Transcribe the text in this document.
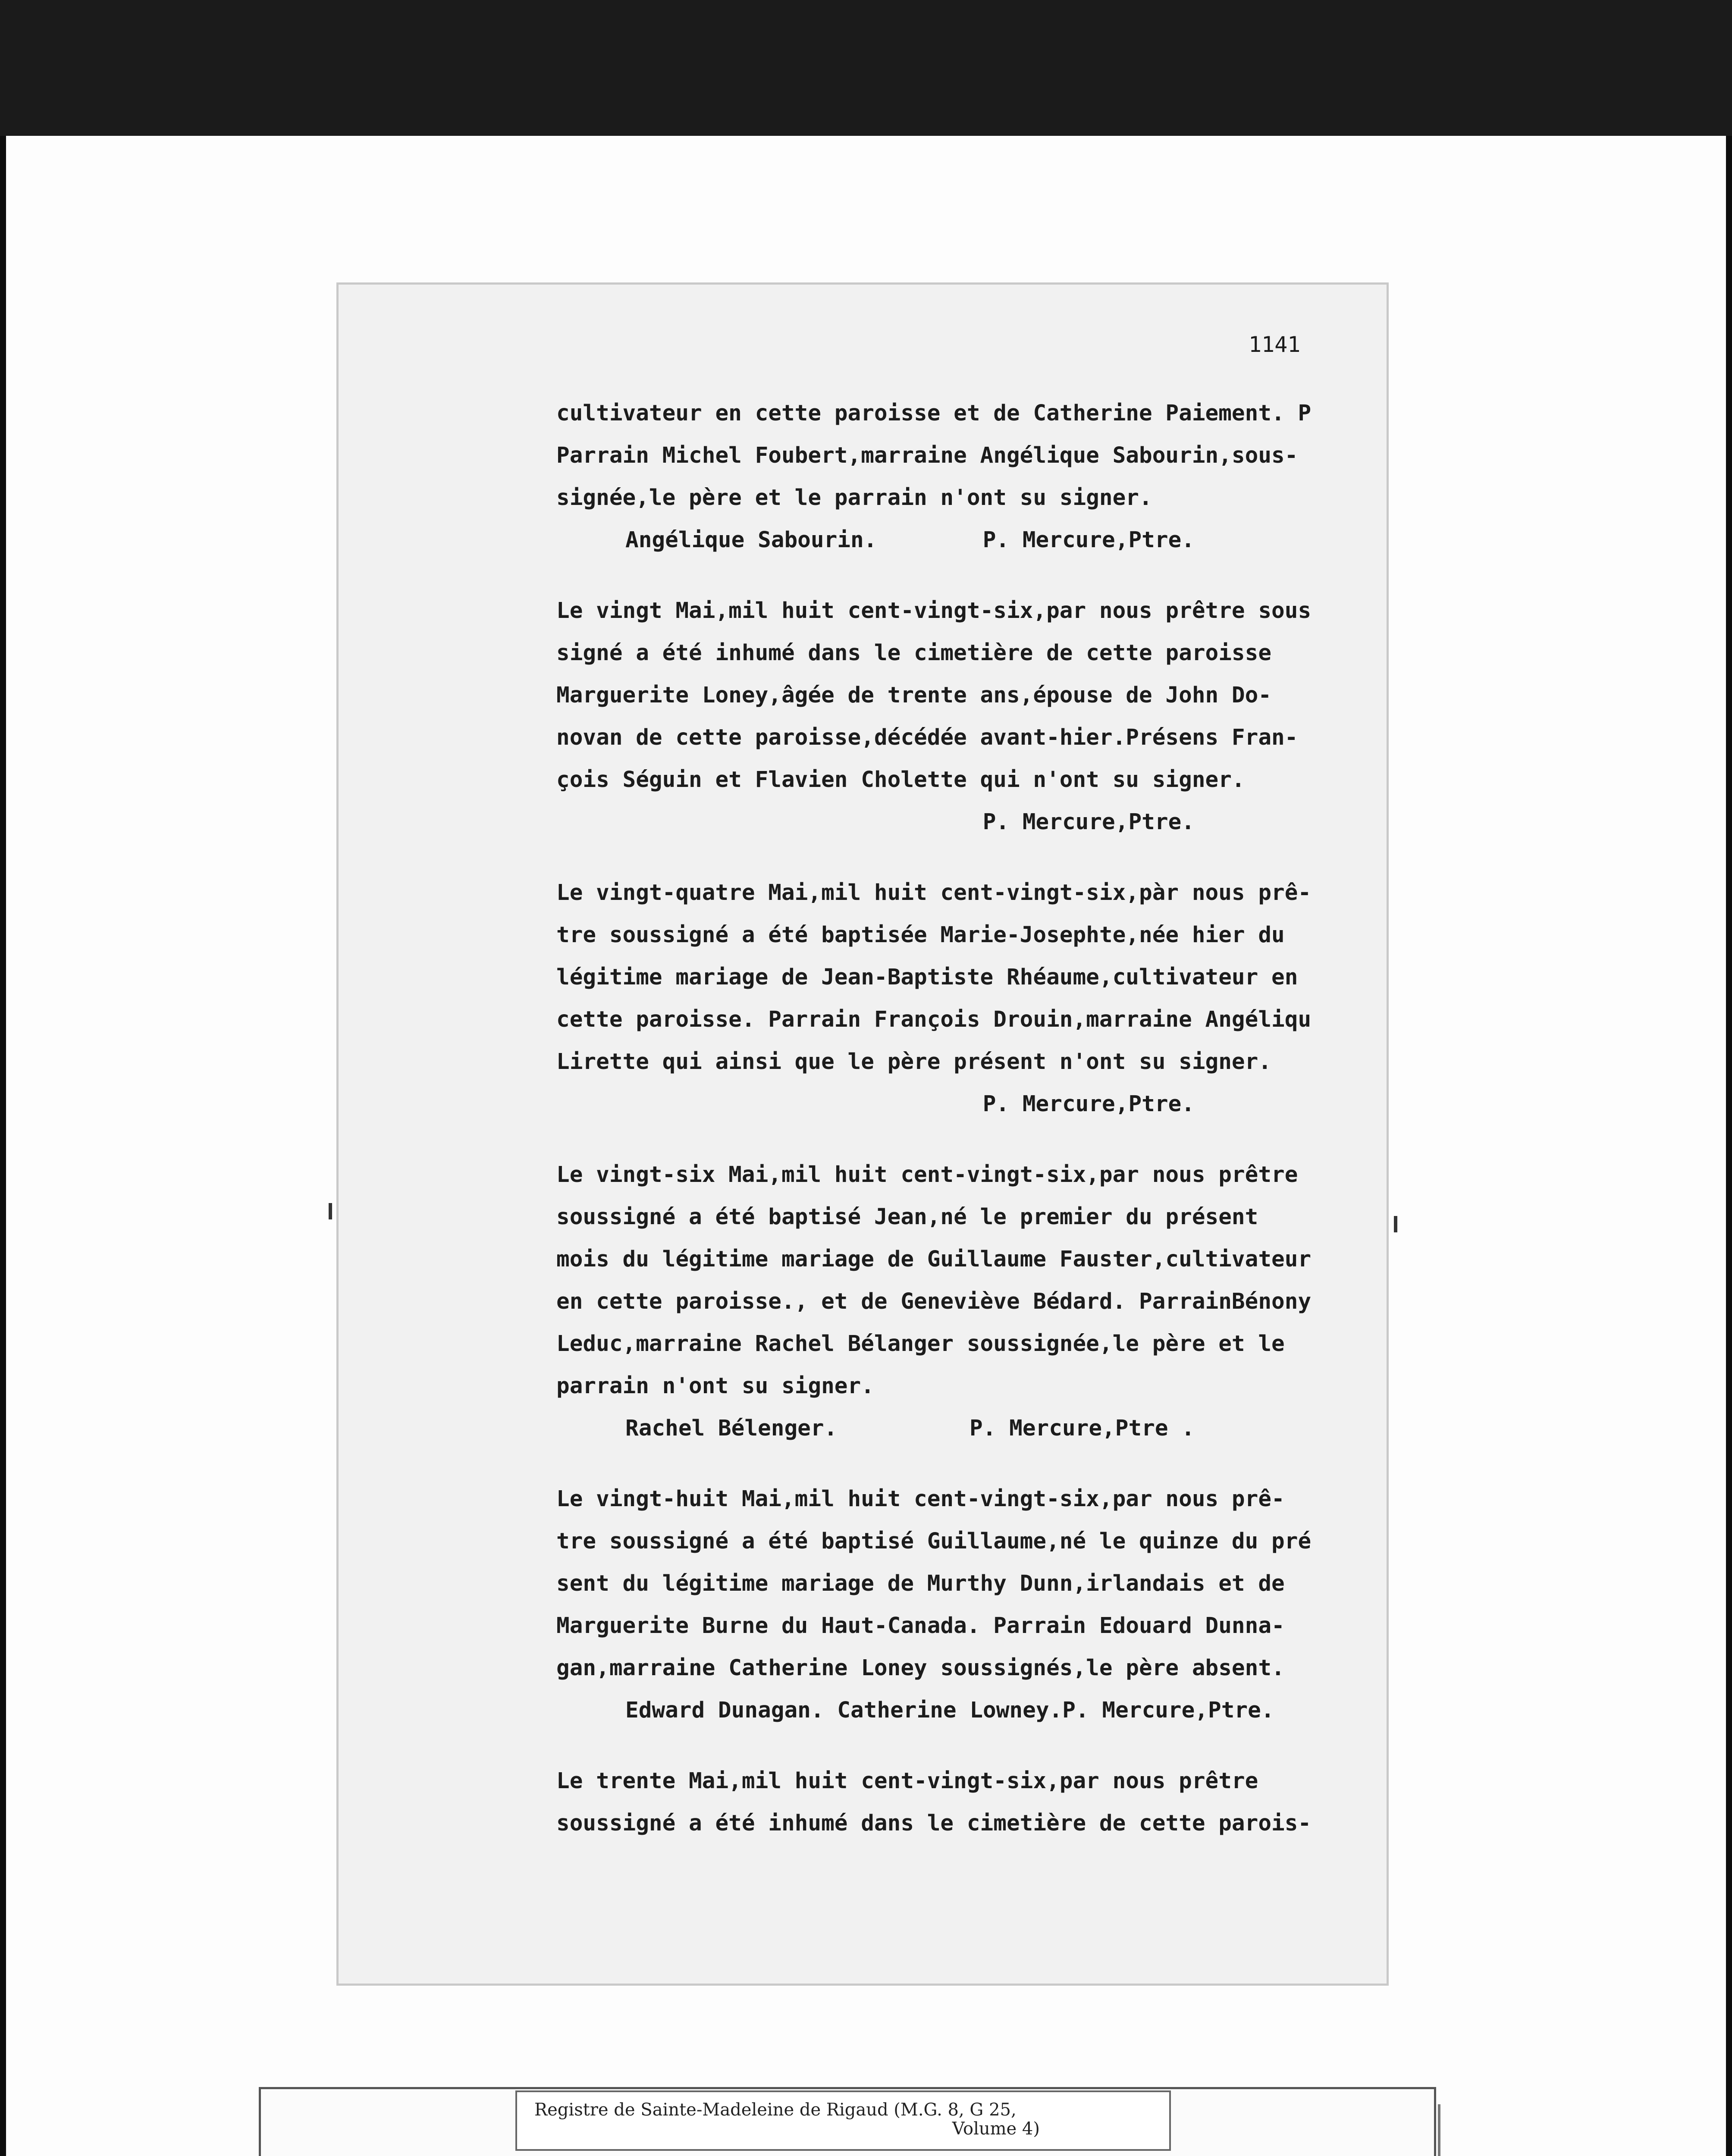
1141

cultivateur en cette paroisse et de Catherine Paiement. P
Parrain Michel Foubert,marraine Angélique Sabourin,sous-
signée,le père et le parrain n'ont su signer.
Angélique Sabourin.	P. Mercure,Ptre.
Le vingt Mai,mil huit cent-vingt-six,par nous prêtre sous
signé a été inhumé dans le cimetière de cette paroisse
Marguerite Loney,âgée de trente ans,épouse de John Do-
novan de cette paroisse,décédée avant-hier.Présens Fran-
çois Séguin et Flavien Cholette qui n'ont su signer.
P. Mercure,Ptre.
Le vingt-quatre Mai,mil huit cent-vingt-six,pàr nous prê-
tre soussigné a été baptisée Marie-Josephte,née hier du
légitime mariage de Jean-Baptiste Rhéaume,cultivateur en
cette paroisse. Parrain François Drouin,marraine Angéliqu
Lirette qui ainsi que le père présent n'ont su signer.
P. Mercure,Ptre.
Le vingt-six Mai,mil huit cent-vingt-six,par nous prêtre
soussigné a été baptisé Jean,né le premier du présent
mois du légitime mariage de Guillaume Fauster,cultivateur
en cette paroisse., et de Geneviève Bédard. ParrainBénony
Leduc,marraine Rachel Bélanger soussignée,le père et le
parrain n'ont su signer.
Rachel Bélenger.	P. Mercure,Ptre .
Le vingt-huit Mai,mil huit cent-vingt-six,par nous prê-
tre soussigné a été baptisé Guillaume,né le quinze du pré
sent du légitime mariage de Murthy Dunn,irlandais et de
Marguerite Burne du Haut-Canada. Parrain Edouard Dunna-
gan,marraine Catherine Loney soussignés,le père absent.
Edward Dunagan. Catherine Lowney. P. Mercure,Ptre.
Le trente Mai,mil huit cent-vingt-six,par nous prêtre
soussigné a été inhumé dans le cimetière de cette parois-
Registre de Sainte-Madeleine de Rigaud (M.G. 8, G 25,
Volume 4)
